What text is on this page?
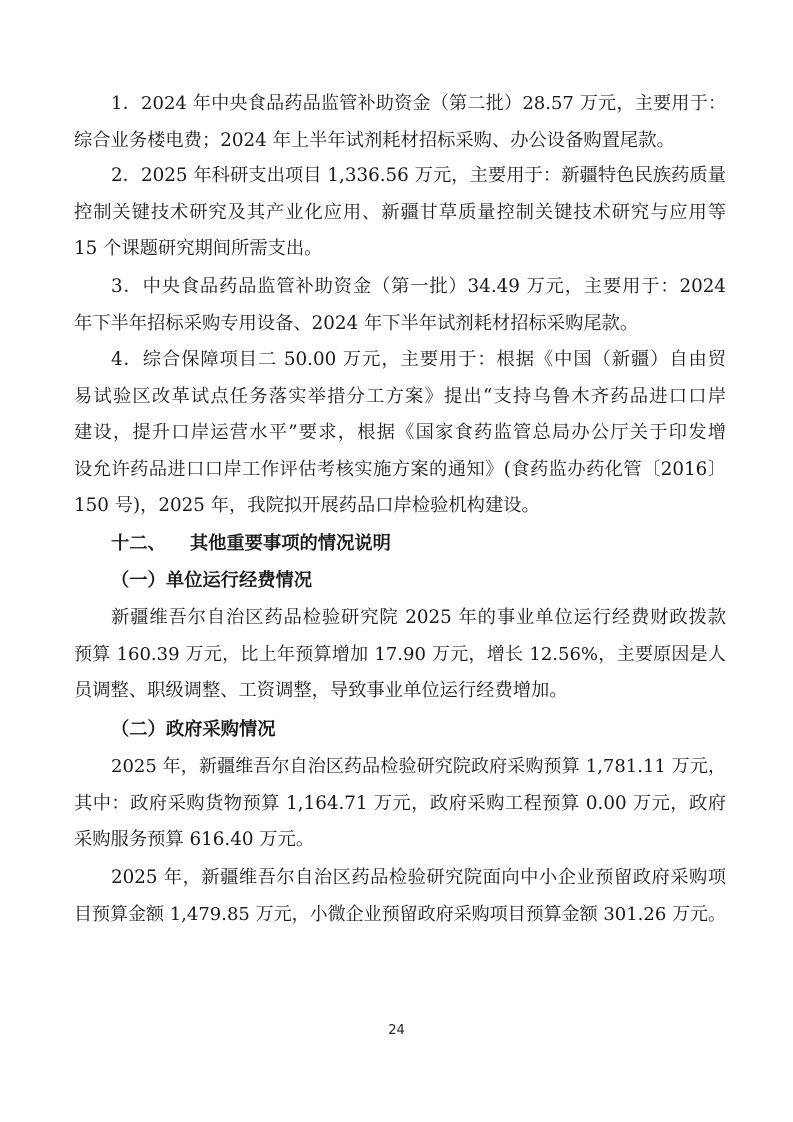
1．2024 年中央食品药品监管补助资金（第二批）28.57 万元，主要用于：
综合业务楼电费；2024 年上半年试剂耗材招标采购、办公设备购置尾款。

2．2025 年科研支出项目 1,336.56 万元，主要用于：新疆特色民族药质量
控制关键技术研究及其产业化应用、新疆甘草质量控制关键技术研究与应用等
15 个课题研究期间所需支出。

3．中央食品药品监管补助资金（第一批）34.49 万元，主要用于：2024
年下半年招标采购专用设备、2024 年下半年试剂耗材招标采购尾款。

4．综合保障项目二 50.00 万元，主要用于：根据《中国（新疆）自由贸
易试验区改革试点任务落实举措分工方案》提出“支持乌鲁木齐药品进口口岸
建设，提升口岸运营水平”要求，根据《国家食药监管总局办公厅关于印发增
设允许药品进口口岸工作评估考核实施方案的通知》(食药监办药化管〔2016〕
150 号)，2025 年，我院拟开展药品口岸检验机构建设。

十二、 其他重要事项的情况说明
（一）单位运行经费情况

新疆维吾尔自治区药品检验研究院 2025 年的事业单位运行经费财政拨款
预算 160.39 万元，比上年预算增加 17.90 万元，增长 12.56%，主要原因是人
员调整、职级调整、工资调整，导致事业单位运行经费增加。

（二）政府采购情况

2025 年，新疆维吾尔自治区药品检验研究院政府采购预算 1,781.11 万元，
其中：政府采购货物预算 1,164.71 万元，政府采购工程预算 0.00 万元，政府
采购服务预算 616.40 万元。

2025 年，新疆维吾尔自治区药品检验研究院面向中小企业预留政府采购项
目预算金额 1,479.85 万元，小微企业预留政府采购项目预算金额 301.26 万元。

24
